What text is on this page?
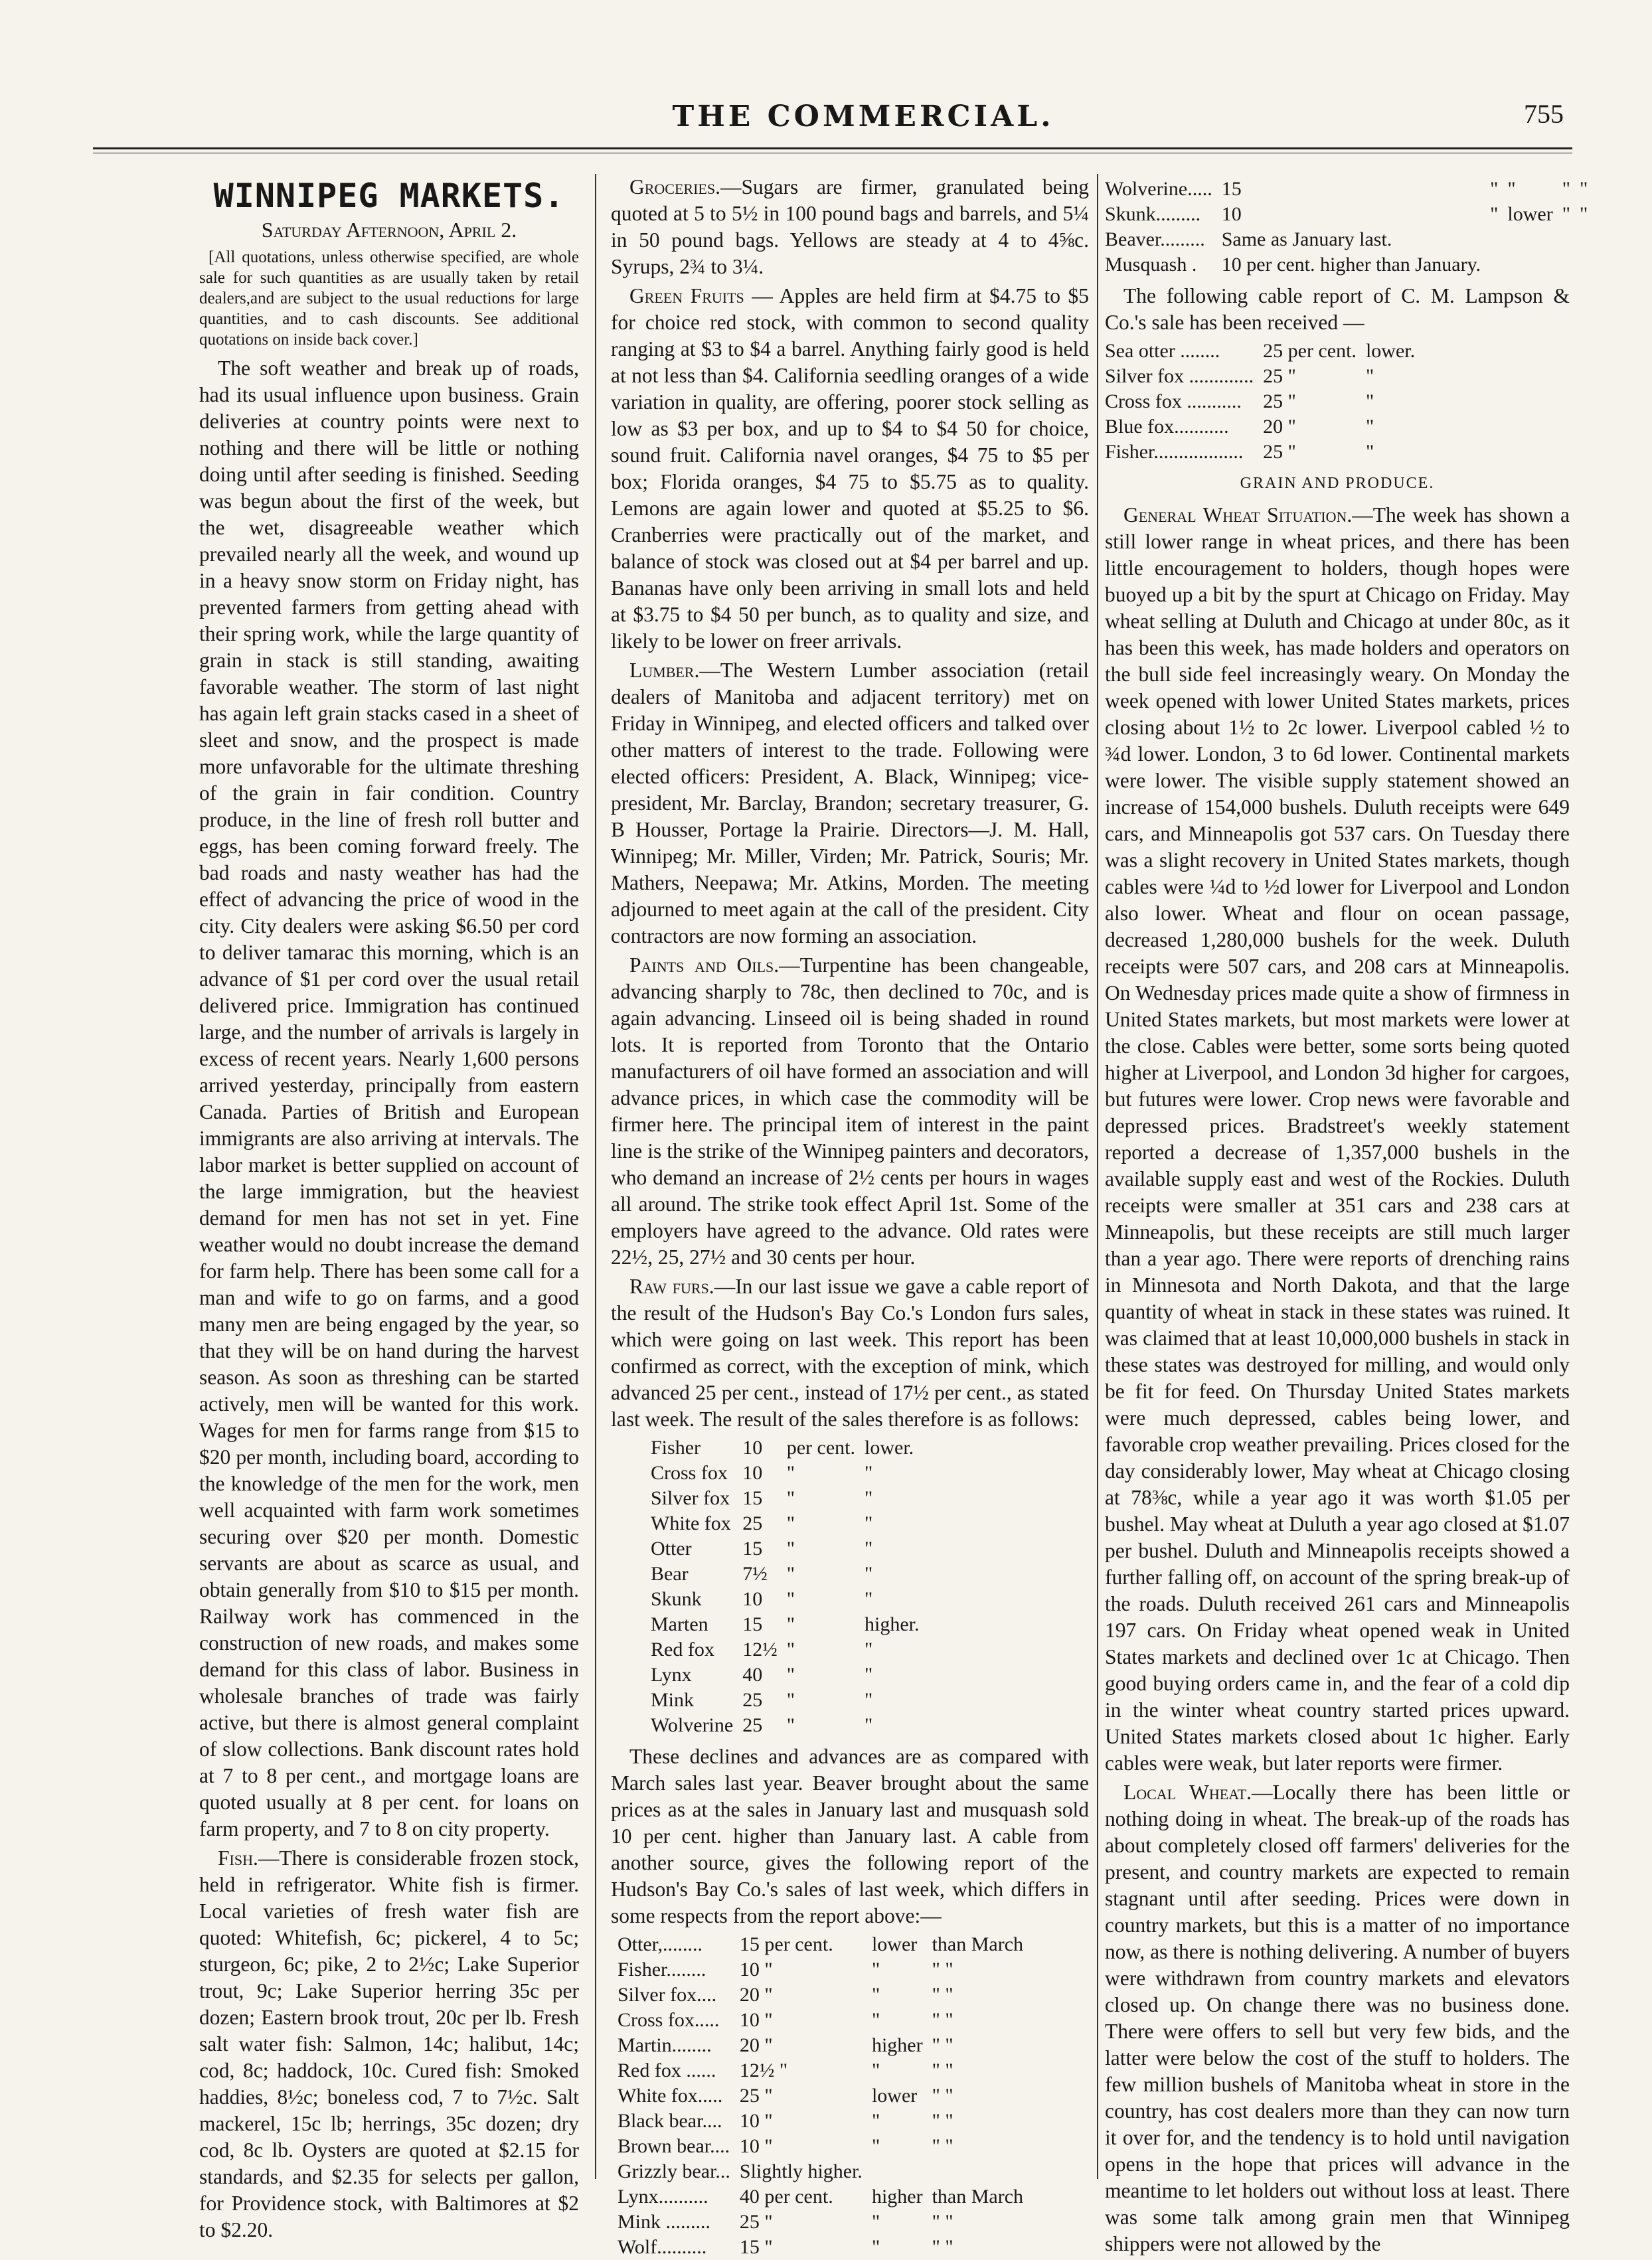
THE COMMERCIAL.	755
WINNIPEG MARKETS.
Saturday Afternoon, April 2.

[All quotations, unless otherwise specified, are whole sale for such quantities as are usually taken by retail dealers,and are subject to the usual reductions for large quantities, and to cash discounts. See additional quotations on inside back cover.]

The soft weather and break up of roads, had its usual influence upon business. Grain deliveries at country points were next to nothing and there will be little or nothing doing until after seeding is finished. Seeding was begun about the first of the week, but the wet, disagreeable weather which prevailed nearly all the week, and wound up in a heavy snow storm on Friday night, has prevented farmers from getting ahead with their spring work, while the large quantity of grain in stack is still standing, awaiting favorable weather. The storm of last night has again left grain stacks cased in a sheet of sleet and snow, and the prospect is made more unfavorable for the ultimate threshing of the grain in fair condition. Country produce, in the line of fresh roll butter and eggs, has been coming forward freely. The bad roads and nasty weather has had the effect of advancing the price of wood in the city. City dealers were asking $6.50 per cord to deliver tamarac this morning, which is an advance of $1 per cord over the usual retail delivered price. Immigration has continued large, and the number of arrivals is largely in excess of recent years. Nearly 1,600 persons arrived yesterday, principally from eastern Canada. Parties of British and European immigrants are also arriving at intervals. The labor market is better supplied on account of the large immigration, but the heaviest demand for men has not set in yet. Fine weather would no doubt increase the demand for farm help. There has been some call for a man and wife to go on farms, and a good many men are being engaged by the year, so that they will be on hand during the harvest season. As soon as threshing can be started actively, men will be wanted for this work. Wages for men for farms range from $15 to $20 per month, including board, according to the knowledge of the men for the work, men well acquainted with farm work sometimes securing over $20 per month. Domestic servants are about as scarce as usual, and obtain generally from $10 to $15 per month. Railway work has commenced in the construction of new roads, and makes some demand for this class of labor. Business in wholesale branches of trade was fairly active, but there is almost general complaint of slow collections. Bank discount rates hold at 7 to 8 per cent., and mortgage loans are quoted usually at 8 per cent. for loans on farm property, and 7 to 8 on city property.

Fish.—There is considerable frozen stock, held in refrigerator. White fish is firmer. Local varieties of fresh water fish are quoted: Whitefish, 6c; pickerel, 4 to 5c; sturgeon, 6c; pike, 2 to 2½c; Lake Superior trout, 9c; Lake Superior herring 35c per dozen; Eastern brook trout, 20c per lb. Fresh salt water fish: Salmon, 14c; halibut, 14c; cod, 8c; haddock, 10c. Cured fish: Smoked haddies, 8½c; boneless cod, 7 to 7½c. Salt mackerel, 15c lb; herrings, 35c dozen; dry cod, 8c lb. Oysters are quoted at $2.15 for standards, and $2.35 for selects per gallon, for Providence stock, with Baltimores at $2 to $2.20.

Groceries.—Sugars are firmer, granulated being quoted at 5 to 5½ in 100 pound bags and barrels, and 5¼ in 50 pound bags. Yellows are steady at 4 to 4⅝c. Syrups, 2¾ to 3¼.

Green Fruits — Apples are held firm at $4.75 to $5 for choice red stock, with common to second quality ranging at $3 to $4 a barrel. Anything fairly good is held at not less than $4. California seedling oranges of a wide variation in quality, are offering, poorer stock selling as low as $3 per box, and up to $4 to $4 50 for choice, sound fruit. California navel oranges, $4 75 to $5 per box; Florida oranges, $4 75 to $5.75 as to quality. Lemons are again lower and quoted at $5.25 to $6. Cranberries were practically out of the market, and balance of stock was closed out at $4 per barrel and up. Bananas have only been arriving in small lots and held at $3.75 to $4 50 per bunch, as to quality and size, and likely to be lower on freer arrivals.

Lumber.—The Western Lumber association (retail dealers of Manitoba and adjacent territory) met on Friday in Winnipeg, and elected officers and talked over other matters of interest to the trade. Following were elected officers: President, A. Black, Winnipeg; vice-president, Mr. Barclay, Brandon; secretary treasurer, G. B Housser, Portage la Prairie. Directors—J. M. Hall, Winnipeg; Mr. Miller, Virden; Mr. Patrick, Souris; Mr. Mathers, Neepawa; Mr. Atkins, Morden. The meeting adjourned to meet again at the call of the president. City contractors are now forming an association.

Paints and Oils.—Turpentine has been changeable, advancing sharply to 78c, then declined to 70c, and is again advancing. Linseed oil is being shaded in round lots. It is reported from Toronto that the Ontario manufacturers of oil have formed an association and will advance prices, in which case the commodity will be firmer here. The principal item of interest in the paint line is the strike of the Winnipeg painters and decorators, who demand an increase of 2½ cents per hours in wages all around. The strike took effect April 1st. Some of the employers have agreed to the advance. Old rates were 22½, 25, 27½ and 30 cents per hour.

Raw furs.—In our last issue we gave a cable report of the result of the Hudson's Bay Co.'s London furs sales, which were going on last week. This report has been confirmed as correct, with the exception of mink, which advanced 25 per cent., instead of 17½ per cent., as stated last week. The result of the sales therefore is as follows:

Fisher	10	per cent.	lower.
Cross fox	10	"	"
Silver fox	15	"	"
White fox	25	"	"
Otter	15	"	"
Bear	7½	"	"
Skunk	10	"	"
Marten	15	"	higher.
Red fox	12½	"	"
Lynx	40	"	"
Mink	25	"	"
Wolverine	25	"	"

These declines and advances are as compared with March sales last year. Beaver brought about the same prices as at the sales in January last and musquash sold 10 per cent. higher than January last. A cable from another source, gives the following report of the Hudson's Bay Co.'s sales of last week, which differs in some respects from the report above:—

Otter,........	15 per cent.	lower	than March
Fisher........	10 "	"	" "
Silver fox....	20 "	"	" "
Cross fox.....	10 "	"	" "
Martin........	20 "	higher	" "
Red fox ......	12½ "	"	" "
White fox.....	25 "	lower	" "
Black bear....	10 "	"	" "
Brown bear....	10 "	"	" "
Grizzly bear...	Slightly higher.		
Lynx..........	40 per cent.	higher	than March
Mink .........	25 "	"	" "
Wolf..........	15 "	"	" "
Wolverine.....	15	"	"	"	"
Skunk.........	10	"	lower	"	"
Beaver.........	Same as January last.				
Musquash .	10 per cent. higher than January.				

The following cable report of C. M. Lampson & Co.'s sale has been received —

Sea otter ........	25 per cent.	lower.
Silver fox .............	25 "	"
Cross fox ...........	25 "	"
Blue fox...........	20 "	"
Fisher..................	25 "	"
GRAIN AND PRODUCE.

General Wheat Situation.—The week has shown a still lower range in wheat prices, and there has been little encouragement to holders, though hopes were buoyed up a bit by the spurt at Chicago on Friday. May wheat selling at Duluth and Chicago at under 80c, as it has been this week, has made holders and operators on the bull side feel increasingly weary. On Monday the week opened with lower United States markets, prices closing about 1½ to 2c lower. Liverpool cabled ½ to ¾d lower. London, 3 to 6d lower. Continental markets were lower. The visible supply statement showed an increase of 154,000 bushels. Duluth receipts were 649 cars, and Minneapolis got 537 cars. On Tuesday there was a slight recovery in United States markets, though cables were ¼d to ½d lower for Liverpool and London also lower. Wheat and flour on ocean passage, decreased 1,280,000 bushels for the week. Duluth receipts were 507 cars, and 208 cars at Minneapolis. On Wednesday prices made quite a show of firmness in United States markets, but most markets were lower at the close. Cables were better, some sorts being quoted higher at Liverpool, and London 3d higher for cargoes, but futures were lower. Crop news were favorable and depressed prices. Bradstreet's weekly statement reported a decrease of 1,357,000 bushels in the available supply east and west of the Rockies. Duluth receipts were smaller at 351 cars and 238 cars at Minneapolis, but these receipts are still much larger than a year ago. There were reports of drenching rains in Minnesota and North Dakota, and that the large quantity of wheat in stack in these states was ruined. It was claimed that at least 10,000,000 bushels in stack in these states was destroyed for milling, and would only be fit for feed. On Thursday United States markets were much depressed, cables being lower, and favorable crop weather prevailing. Prices closed for the day considerably lower, May wheat at Chicago closing at 78⅜c, while a year ago it was worth $1.05 per bushel. May wheat at Duluth a year ago closed at $1.07 per bushel. Duluth and Minneapolis receipts showed a further falling off, on account of the spring break-up of the roads. Duluth received 261 cars and Minneapolis 197 cars. On Friday wheat opened weak in United States markets and declined over 1c at Chicago. Then good buying orders came in, and the fear of a cold dip in the winter wheat country started prices upward. United States markets closed about 1c higher. Early cables were weak, but later reports were firmer.

Local Wheat.—Locally there has been little or nothing doing in wheat. The break-up of the roads has about completely closed off farmers' deliveries for the present, and country markets are expected to remain stagnant until after seeding. Prices were down in country markets, but this is a matter of no importance now, as there is nothing delivering. A number of buyers were withdrawn from country markets and elevators closed up. On change there was no business done. There were offers to sell but very few bids, and the latter were below the cost of the stuff to holders. The few million bushels of Manitoba wheat in store in the country, has cost dealers more than they can now turn it over for, and the tendency is to hold until navigation opens in the hope that prices will advance in the meantime to let holders out without loss at least. There was some talk among grain men that Winnipeg shippers were not allowed by the
